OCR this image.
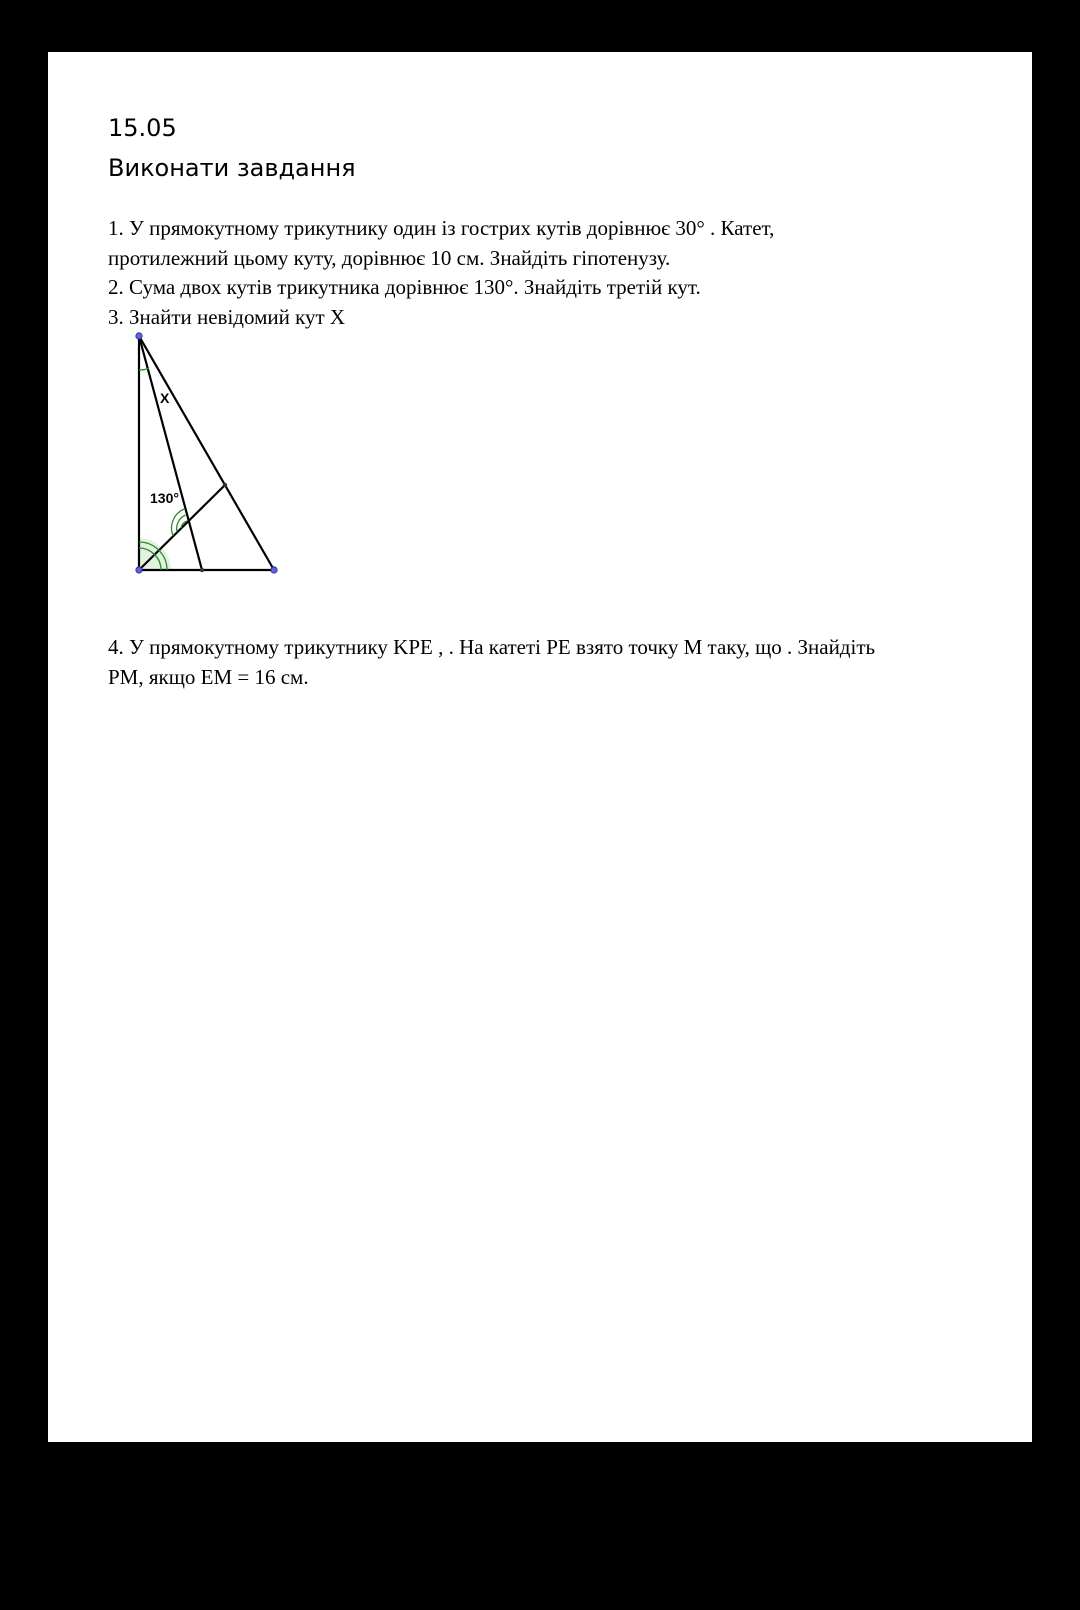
15.05
Виконати завдання

1. У прямокутному трикутнику один із гострих кутів дорівнює 30° . Катет,

протилежний цьому куту, дорівнює 10 см. Знайдіть гіпотенузу.

2. Сума двох кутів трикутника дорівнює 130°. Знайдіть третій кут.

3. Знайти невідомий кут X

X
130°

4. У прямокутному трикутнику KPE , . На катеті PE взято точку M таку, що . Знайдіть

PM, якщо EM = 16 см.
